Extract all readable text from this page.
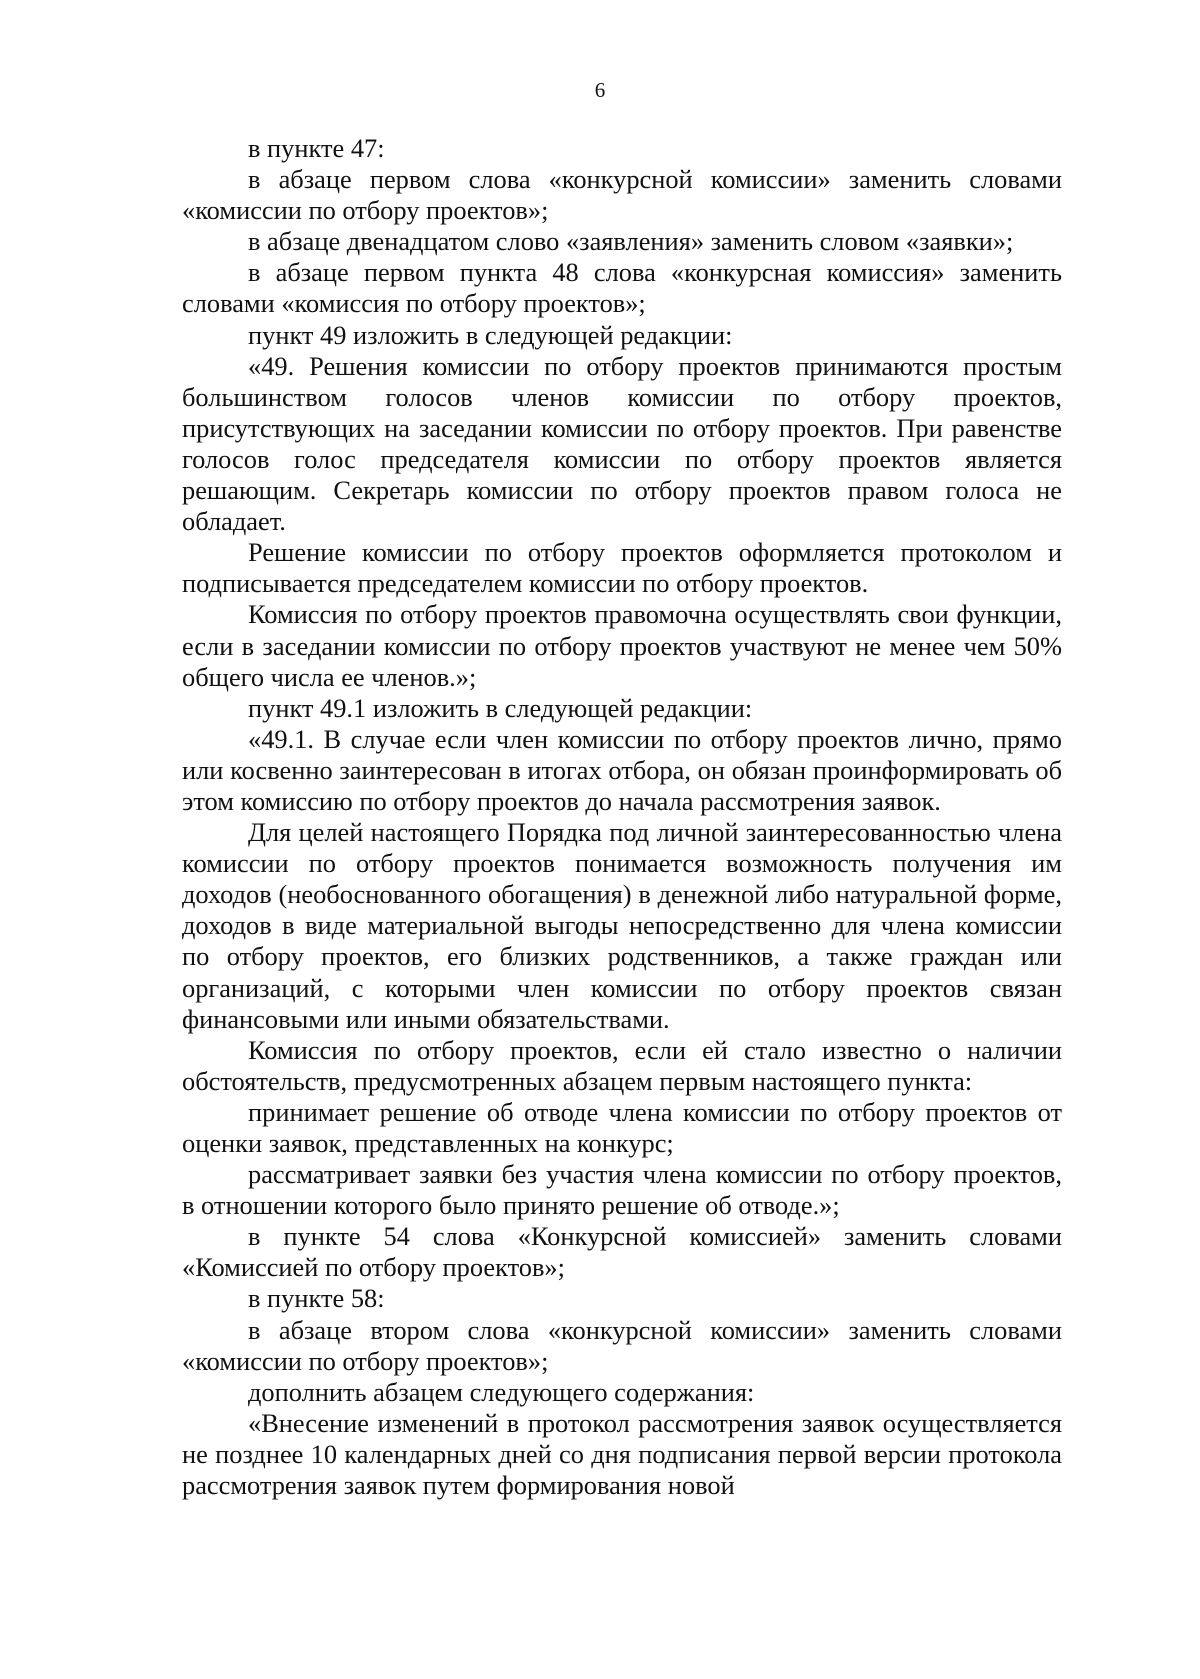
6

в пункте 47:

в абзаце первом слова «конкурсной комиссии» заменить словами «комиссии по отбору проектов»;

в абзаце двенадцатом слово «заявления» заменить словом «заявки»;

в абзаце первом пункта 48 слова «конкурсная комиссия» заменить словами «комиссия по отбору проектов»;

пункт 49 изложить в следующей редакции:

«49. Решения комиссии по отбору проектов принимаются простым большинством голосов членов комиссии по отбору проектов, присутствующих на заседании комиссии по отбору проектов. При равенстве голосов голос председателя комиссии по отбору проектов является решающим. Секретарь комиссии по отбору проектов правом голоса не обладает.

Решение комиссии по отбору проектов оформляется протоколом и подписывается председателем комиссии по отбору проектов.

Комиссия по отбору проектов правомочна осуществлять свои функции, если в заседании комиссии по отбору проектов участвуют не менее чем 50% общего числа ее членов.»;

пункт 49.1 изложить в следующей редакции:

«49.1. В случае если член комиссии по отбору проектов лично, прямо или косвенно заинтересован в итогах отбора, он обязан проинформировать об этом комиссию по отбору проектов до начала рассмотрения заявок.

Для целей настоящего Порядка под личной заинтересованностью члена комиссии по отбору проектов понимается возможность получения им доходов (необоснованного обогащения) в денежной либо натуральной форме, доходов в виде материальной выгоды непосредственно для члена комиссии по отбору проектов, его близких родственников, а также граждан или организаций, с которыми член комиссии по отбору проектов связан финансовыми или иными обязательствами.

Комиссия по отбору проектов, если ей стало известно о наличии обстоятельств, предусмотренных абзацем первым настоящего пункта:

принимает решение об отводе члена комиссии по отбору проектов от оценки заявок, представленных на конкурс;

рассматривает заявки без участия члена комиссии по отбору проектов, в отношении которого было принято решение об отводе.»;

в пункте 54 слова «Конкурсной комиссией» заменить словами «Комиссией по отбору проектов»;

в пункте 58:

в абзаце втором слова «конкурсной комиссии» заменить словами «комиссии по отбору проектов»;

дополнить абзацем следующего содержания:

«Внесение изменений в протокол рассмотрения заявок осуществляется не позднее 10 календарных дней со дня подписания первой версии протокола рассмотрения заявок путем формирования новой
